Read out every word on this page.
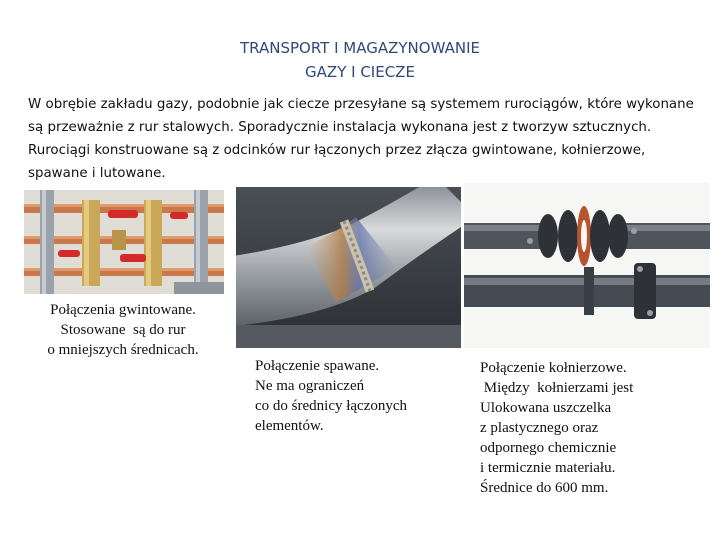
TRANSPORT I MAGAZYNOWANIE
GAZY I CIECZE
W obrębie zakładu gazy, podobnie jak ciecze przesyłane są systemem rurociągów, które wykonane są przeważnie z rur stalowych. Sporadycznie instalacja wykonana jest z tworzyw sztucznych. Rurociągi konstruowane są z odcinków rur łączonych przez złącza gwintowane, kołnierzowe, spawane i lutowane.
Połączenia gwintowane.
Stosowane  są do rur
o mniejszych średnicach.
Połączenie spawane.
Ne ma ograniczeń
co do średnicy łączonych
elementów.
Połączenie kołnierzowe.
Między  kołnierzami jest
Ulokowana uszczelka
z plastycznego oraz
odpornego chemicznie
i termicznie materiału.
Średnice do 600 mm.
